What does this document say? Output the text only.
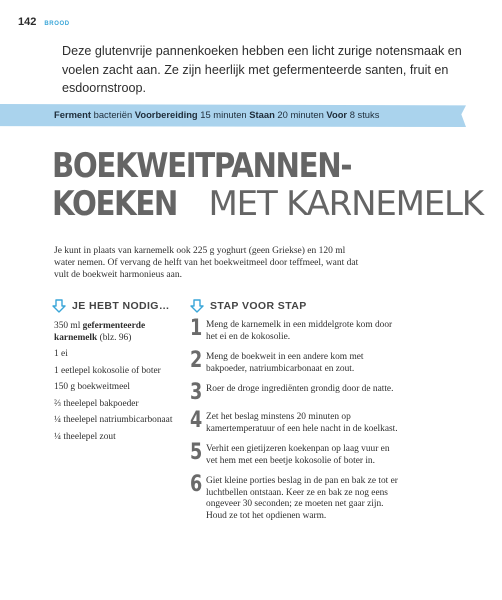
142 BROOD

Deze glutenvrije pannenkoeken hebben een licht zurige notensmaak en voelen zacht aan. Ze zijn heerlijk met gefermenteerde santen, fruit en esdoornstroop.

Ferment bacteriën Voorbereiding 15 minuten Staan 20 minuten Voor 8 stuks
BOEKWEITPANNEN-
KOEKEN MET KARNEMELK

Je kunt in plaats van karnemelk ook 225 g yoghurt (geen Griekse) en 120 ml water nemen. Of vervang de helft van het boekweitmeel door teffmeel, want dat vult de boekweit harmonieus aan.

JE HEBT NODIG…
350 ml gefermenteerde karnemelk (blz. 96)
1 ei
1 eetlepel kokosolie of boter
150 g boekweitmeel
⅔ theelepel bakpoeder
¼ theelepel natriumbicarbonaat
¼ theelepel zout
STAP VOOR STAP
1 Meng de karnemelk in een middelgrote kom door het ei en de kokosolie.
2 Meng de boekweit in een andere kom met bakpoeder, natriumbicarbonaat en zout.
3 Roer de droge ingrediënten grondig door de natte.
4 Zet het beslag minstens 20 minuten op kamertemperatuur of een hele nacht in de koelkast.
5 Verhit een gietijzeren koekenpan op laag vuur en vet hem met een beetje kokosolie of boter in.
6 Giet kleine porties beslag in de pan en bak ze tot er luchtbellen ontstaan. Keer ze en bak ze nog eens ongeveer 30 seconden; ze moeten net gaar zijn. Houd ze tot het opdienen warm.
